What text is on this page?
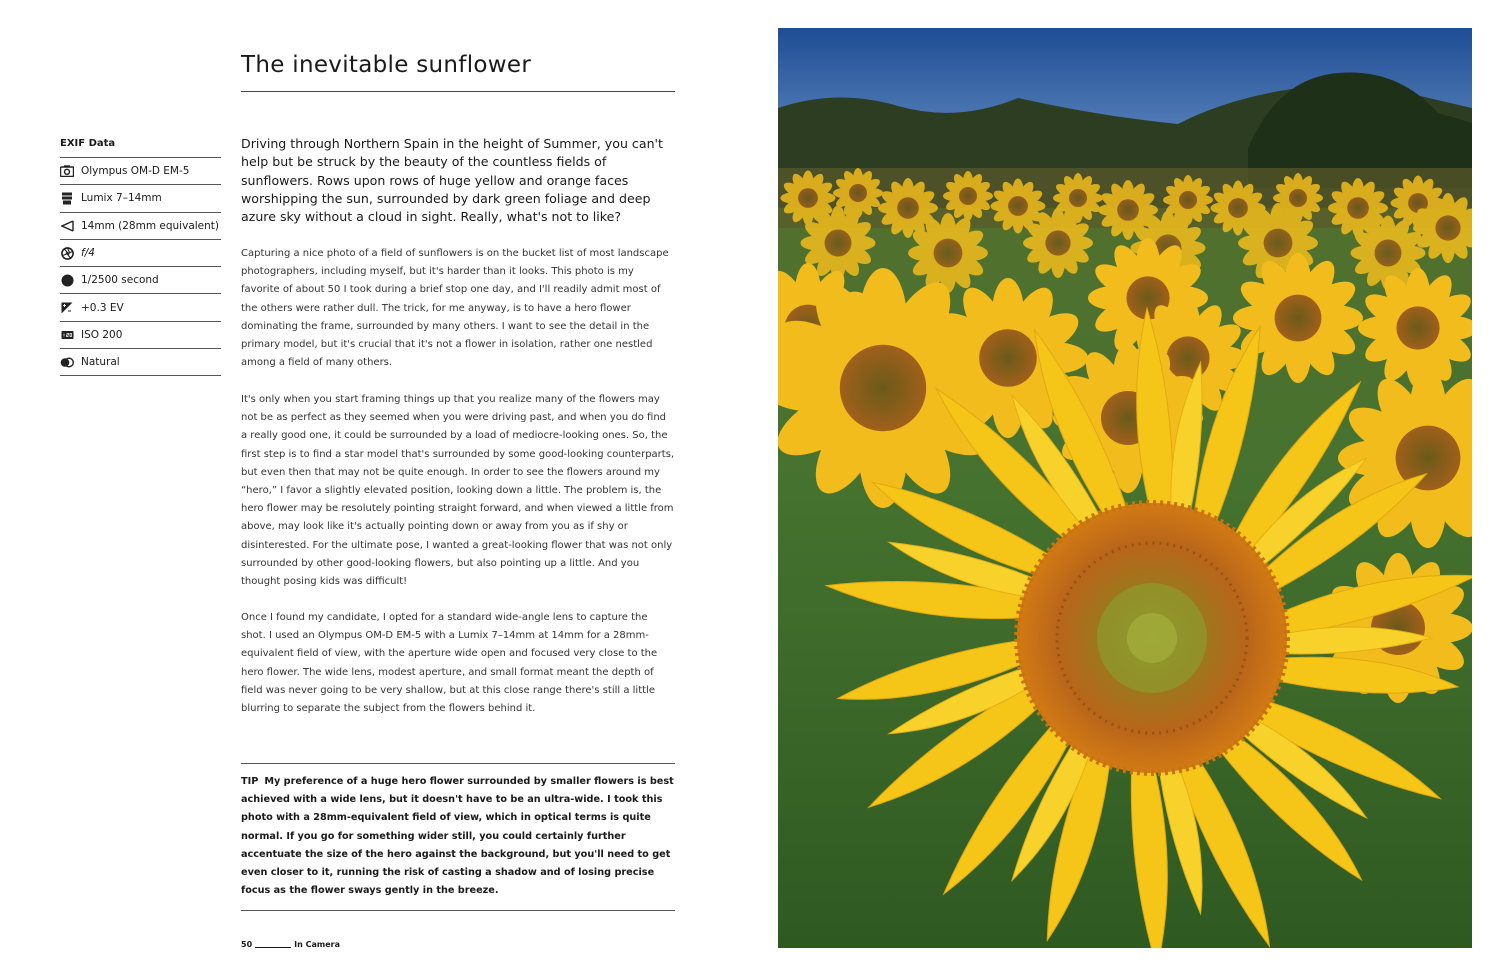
The inevitable sunflower
EXIF Data
Olympus OM-D EM-5
Lumix 7–14mm
14mm (28mm equivalent)
f/4
1/2500 second
+0.3 EV
ISO 200
Natural

Driving through Northern Spain in the height of Summer, you can't help but be struck by the beauty of the countless fields of sunflowers. Rows upon rows of huge yellow and orange faces worshipping the sun, surrounded by dark green foliage and deep azure sky without a cloud in sight. Really, what's not to like?

Capturing a nice photo of a field of sunflowers is on the bucket list of most landscape photographers, including myself, but it's harder than it looks. This photo is my favorite of about 50 I took during a brief stop one day, and I'll readily admit most of the others were rather dull. The trick, for me anyway, is to have a hero flower dominating the frame, surrounded by many others. I want to see the detail in the primary model, but it's crucial that it's not a flower in isolation, rather one nestled among a field of many others.

It's only when you start framing things up that you realize many of the flowers may not be as perfect as they seemed when you were driving past, and when you do find a really good one, it could be surrounded by a load of mediocre-looking ones. So, the first step is to find a star model that's surrounded by some good-looking counterparts, but even then that may not be quite enough. In order to see the flowers around my “hero,” I favor a slightly elevated position, looking down a little. The problem is, the hero flower may be resolutely pointing straight forward, and when viewed a little from above, may look like it's actually pointing down or away from you as if shy or disinterested. For the ultimate pose, I wanted a great-looking flower that was not only surrounded by other good-looking flowers, but also pointing up a little. And you thought posing kids was difficult!

Once I found my candidate, I opted for a standard wide-angle lens to capture the shot. I used an Olympus OM-D EM-5 with a Lumix 7–14mm at 14mm for a 28mm-equivalent field of view, with the aperture wide open and focused very close to the hero flower. The wide lens, modest aperture, and small format meant the depth of field was never going to be very shallow, but at this close range there's still a little blurring to separate the subject from the flowers behind it.

TIP My preference of a huge hero flower surrounded by smaller flowers is best achieved with a wide lens, but it doesn't have to be an ultra-wide. I took this photo with a 28mm-equivalent field of view, which in optical terms is quite normal. If you go for something wider still, you could certainly further accentuate the size of the hero against the background, but you'll need to get even closer to it, running the risk of casting a shadow and of losing precise focus as the flower sways gently in the breeze.

50	In Camera
